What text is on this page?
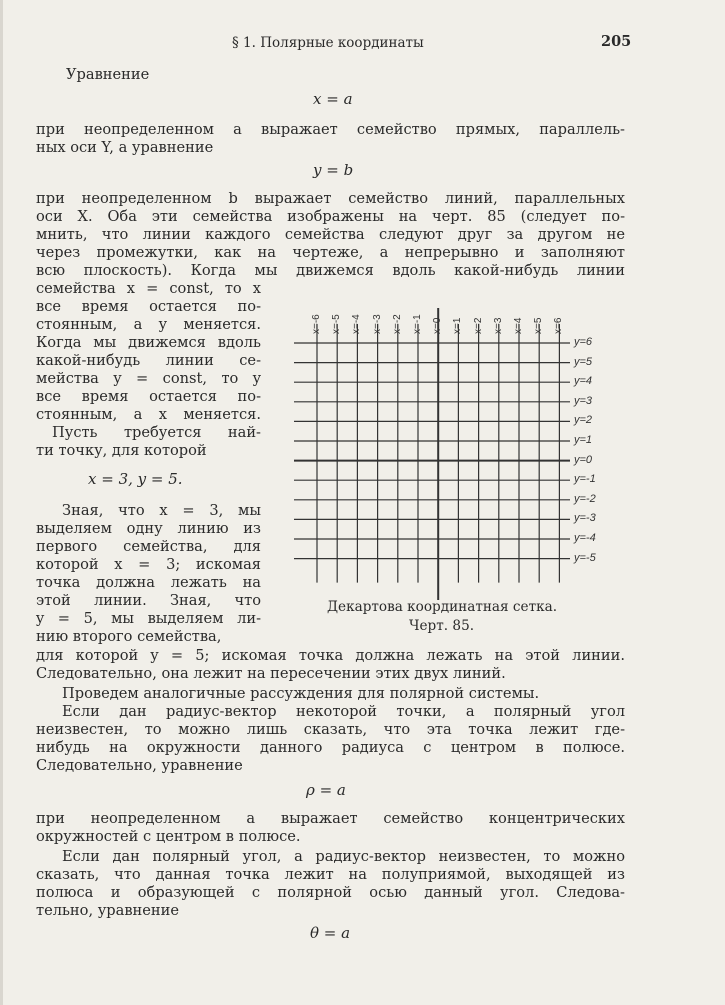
§ 1. Полярные координаты	205
Уравнение
x = a
при неопределенном a выражает семейство прямых, параллель-
ных оси Y, а уравнение
y = b
при неопределенном b выражает семейство линий, параллельных
оси X. Оба эти семейства изображены на черт. 85 (следует по-
мнить, что линии каждого семейства следуют друг за другом не
через промежутки, как на чертеже, а непрерывно и заполняют
всю плоскость). Когда мы движемся вдоль какой-нибудь линии
семейства x = const, то x
все время остается по-
стоянным, а y меняется.
Когда мы движемся вдоль
какой-нибудь линии се-
мейства y = const, то y
все время остается по-
стоянным, а x меняется.
Пусть требуется най-
ти точку, для которой
x = 3, y = 5.
Зная, что x = 3, мы
выделяем одну линию из
первого семейства, для
которой x = 3; искомая
точка должна лежать на
этой линии. Зная, что
y = 5, мы выделяем ли-
нию второго семейства,
для которой y = 5; искомая точка должна лежать на этой линии.
Следовательно, она лежит на пересечении этих двух линий.
Проведем аналогичные рассуждения для полярной системы.
Если дан радиус-вектор некоторой точки, а полярный угол
неизвестен, то можно лишь сказать, что эта точка лежит где-
нибудь на окружности данного радиуса с центром в полюсе.
Следовательно, уравнение
ρ = a
при неопределенном a выражает семейство концентрических
окружностей с центром в полюсе.
Если дан полярный угол, а радиус-вектор неизвестен, то можно
сказать, что данная точка лежит на полуприямой, выходящей из
полюса и образующей с полярной осью данный угол. Следова-
тельно, уравнение
θ = a
x=-6 x=-5 x=-4 x=-3 x=-2 x=-1 x=0 x=1 x=2 x=3 x=4 x=5 x=6
y=6
y=5
y=4
y=3
y=2
y=1
y=0
y=-1
y=-2
y=-3
y=-4
y=-5
Декартова координатная сетка.
Черт. 85.
